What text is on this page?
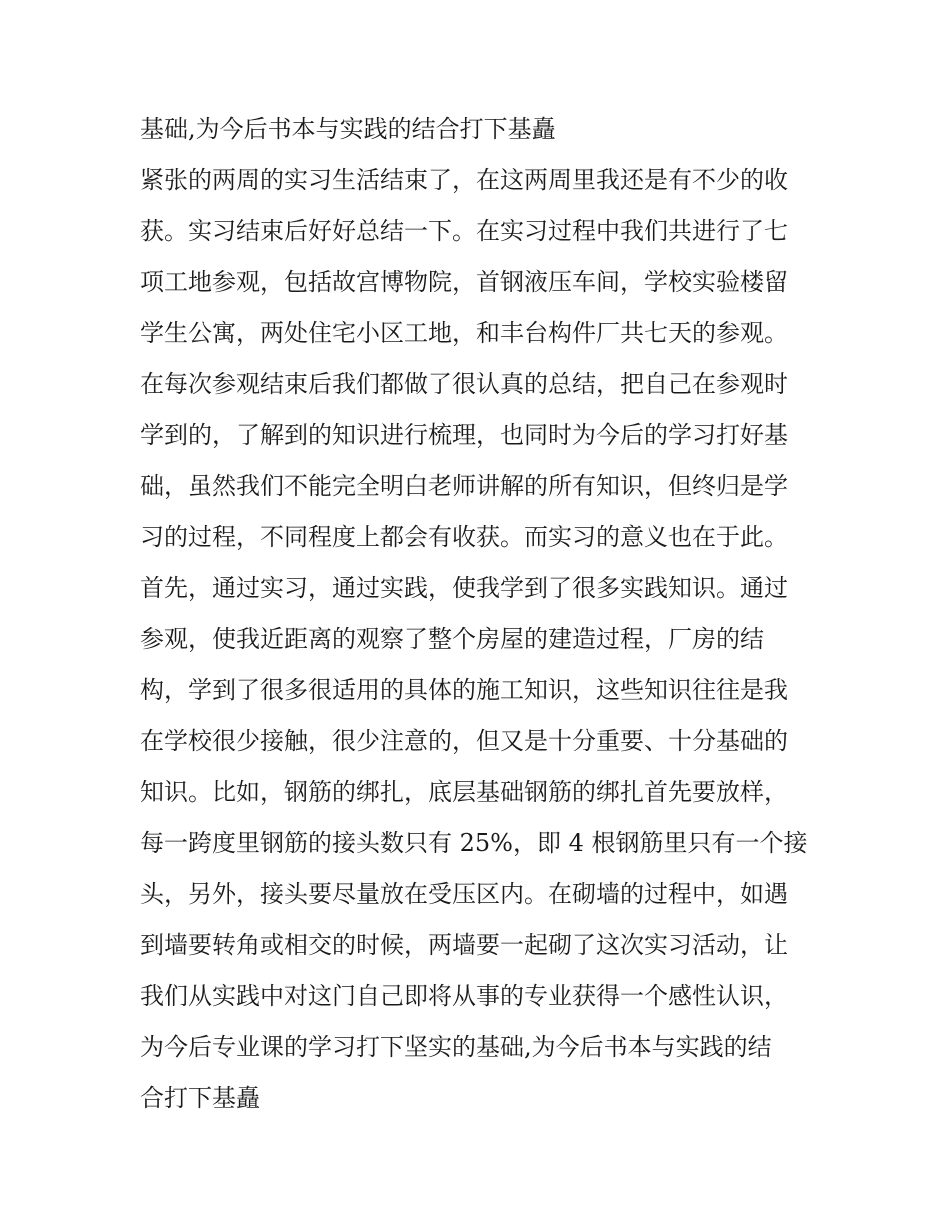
基础,为今后书本与实践的结合打下基矗
紧张的两周的实习生活结束了，在这两周里我还是有不少的收
获。实习结束后好好总结一下。在实习过程中我们共进行了七
项工地参观，包括故宫博物院，首钢液压车间，学校实验楼留
学生公寓，两处住宅小区工地，和丰台构件厂共七天的参观。
在每次参观结束后我们都做了很认真的总结，把自己在参观时
学到的，了解到的知识进行梳理，也同时为今后的学习打好基
础，虽然我们不能完全明白老师讲解的所有知识，但终归是学
习的过程，不同程度上都会有收获。而实习的意义也在于此。
首先，通过实习，通过实践，使我学到了很多实践知识。通过
参观，使我近距离的观察了整个房屋的建造过程，厂房的结
构，学到了很多很适用的具体的施工知识，这些知识往往是我
在学校很少接触，很少注意的，但又是十分重要、十分基础的
知识。比如，钢筋的绑扎，底层基础钢筋的绑扎首先要放样，
每一跨度里钢筋的接头数只有 25%，即 4 根钢筋里只有一个接
头，另外，接头要尽量放在受压区内。在砌墙的过程中，如遇
到墙要转角或相交的时候，两墙要一起砌了这次实习活动，让
我们从实践中对这门自己即将从事的专业获得一个感性认识，
为今后专业课的学习打下坚实的基础,为今后书本与实践的结
合打下基矗
